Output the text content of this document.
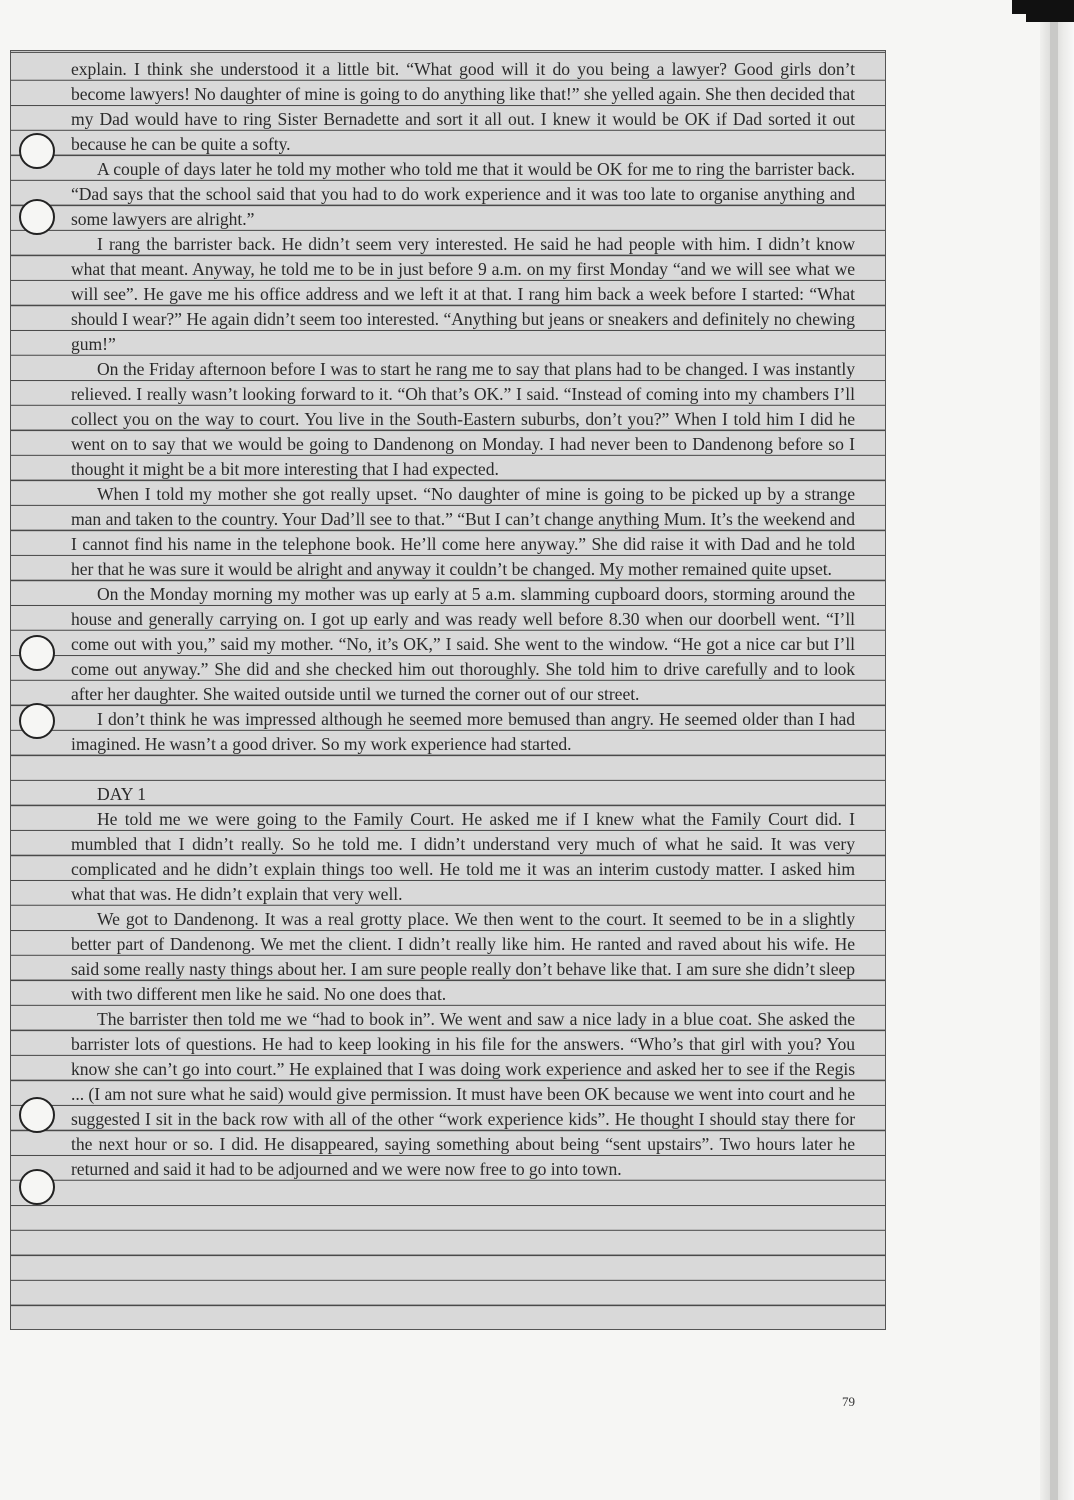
explain. I think she understood it a little bit. “What good will it do you being a lawyer? Good girls don’t become lawyers! No daughter of mine is going to do anything like that!” she yelled again. She then decided that my Dad would have to ring Sister Bernadette and sort it all out. I knew it would be OK if Dad sorted it out because he can be quite a softy.

A couple of days later he told my mother who told me that it would be OK for me to ring the barrister back. “Dad says that the school said that you had to do work experience and it was too late to organise anything and some lawyers are alright.”

I rang the barrister back. He didn’t seem very interested. He said he had people with him. I didn’t know what that meant. Anyway, he told me to be in just before 9 a.m. on my first Monday “and we will see what we will see”. He gave me his office address and we left it at that. I rang him back a week before I started: “What should I wear?” He again didn’t seem too interested. “Anything but jeans or sneakers and definitely no chewing gum!”

On the Friday afternoon before I was to start he rang me to say that plans had to be changed. I was instantly relieved. I really wasn’t looking forward to it. “Oh that’s OK.” I said. “Instead of coming into my chambers I’ll collect you on the way to court. You live in the South-Eastern suburbs, don’t you?” When I told him I did he went on to say that we would be going to Dandenong on Monday. I had never been to Dandenong before so I thought it might be a bit more interesting that I had expected.

When I told my mother she got really upset. “No daughter of mine is going to be picked up by a strange man and taken to the country. Your Dad’ll see to that.” “But I can’t change anything Mum. It’s the weekend and I cannot find his name in the telephone book. He’ll come here anyway.” She did raise it with Dad and he told her that he was sure it would be alright and anyway it couldn’t be changed. My mother remained quite upset.

On the Monday morning my mother was up early at 5 a.m. slamming cupboard doors, storming around the house and generally carrying on. I got up early and was ready well before 8.30 when our doorbell went. “I’ll come out with you,” said my mother. “No, it’s OK,” I said. She went to the window. “He got a nice car but I’ll come out anyway.” She did and she checked him out thoroughly. She told him to drive carefully and to look after her daughter. She waited outside until we turned the corner out of our street.

I don’t think he was impressed although he seemed more bemused than angry. He seemed older than I had imagined. He wasn’t a good driver. So my work experience had started.

DAY 1

He told me we were going to the Family Court. He asked me if I knew what the Family Court did. I mumbled that I didn’t really. So he told me. I didn’t understand very much of what he said. It was very complicated and he didn’t explain things too well. He told me it was an interim custody matter. I asked him what that was. He didn’t explain that very well.

We got to Dandenong. It was a real grotty place. We then went to the court. It seemed to be in a slightly better part of Dandenong. We met the client. I didn’t really like him. He ranted and raved about his wife. He said some really nasty things about her. I am sure people really don’t behave like that. I am sure she didn’t sleep with two different men like he said. No one does that.

The barrister then told me we “had to book in”. We went and saw a nice lady in a blue coat. She asked the barrister lots of questions. He had to keep looking in his file for the answers. “Who’s that girl with you? You know she can’t go into court.” He explained that I was doing work experience and asked her to see if the Regis ... (I am not sure what he said) would give permission. It must have been OK because we went into court and he suggested I sit in the back row with all of the other “work experience kids”. He thought I should stay there for the next hour or so. I did. He disappeared, saying something about being “sent upstairs”. Two hours later he returned and said it had to be adjourned and we were now free to go into town.

79
